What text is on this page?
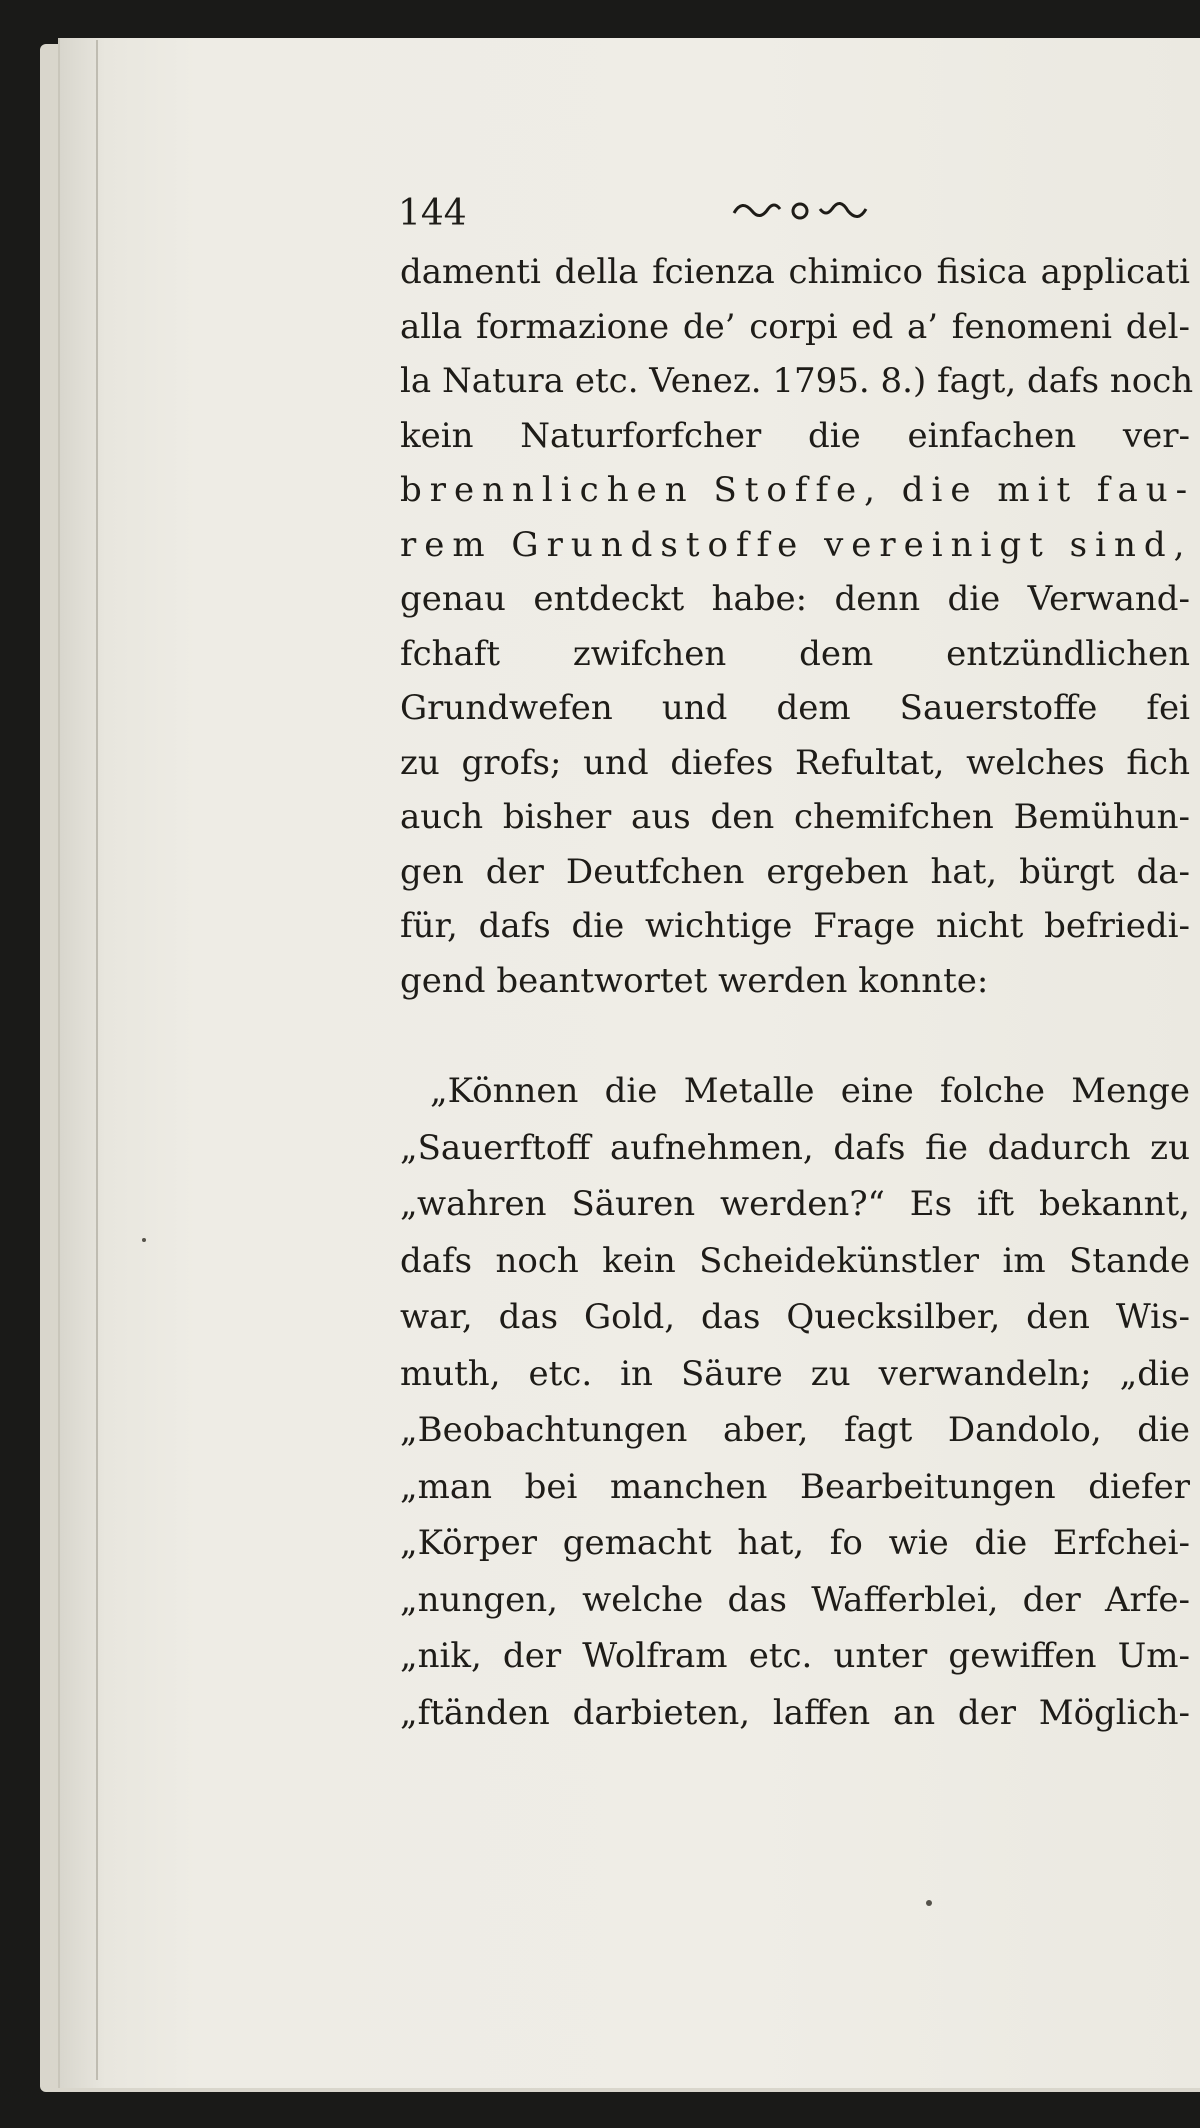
144

damenti della fcienza chimico fisica applicati

alla formazione de’ corpi ed a’ fenomeni del-

la Natura etc. Venez. 1795. 8.) fagt, dafs noch

kein Naturforfcher die einfachen ver-

brennlichen Stoffe, die mit fau-

rem Grundstoffe vereinigt sind,

genau entdeckt habe: denn die Verwand-

fchaft zwifchen dem entzündlichen

Grundwefen und dem Sauerstoffe fei

zu grofs; und diefes Refultat, welches fich

auch bisher aus den chemifchen Bemühun-

gen der Deutfchen ergeben hat, bürgt da-

für, dafs die wichtige Frage nicht befriedi-

gend beantwortet werden konnte:

„Können die Metalle eine folche Menge

„Sauerftoff aufnehmen, dafs fie dadurch zu

„wahren Säuren werden?“ Es ift bekannt,

dafs noch kein Scheidekünstler im Stande

war, das Gold, das Quecksilber, den Wis-

muth, etc. in Säure zu verwandeln; „die

„Beobachtungen aber, fagt Dandolo, die

„man bei manchen Bearbeitungen diefer

„Körper gemacht hat, fo wie die Erfchei-

„nungen, welche das Wafferblei, der Arfe-

„nik, der Wolfram etc. unter gewiffen Um-

„ftänden darbieten, laffen an der Möglich-
